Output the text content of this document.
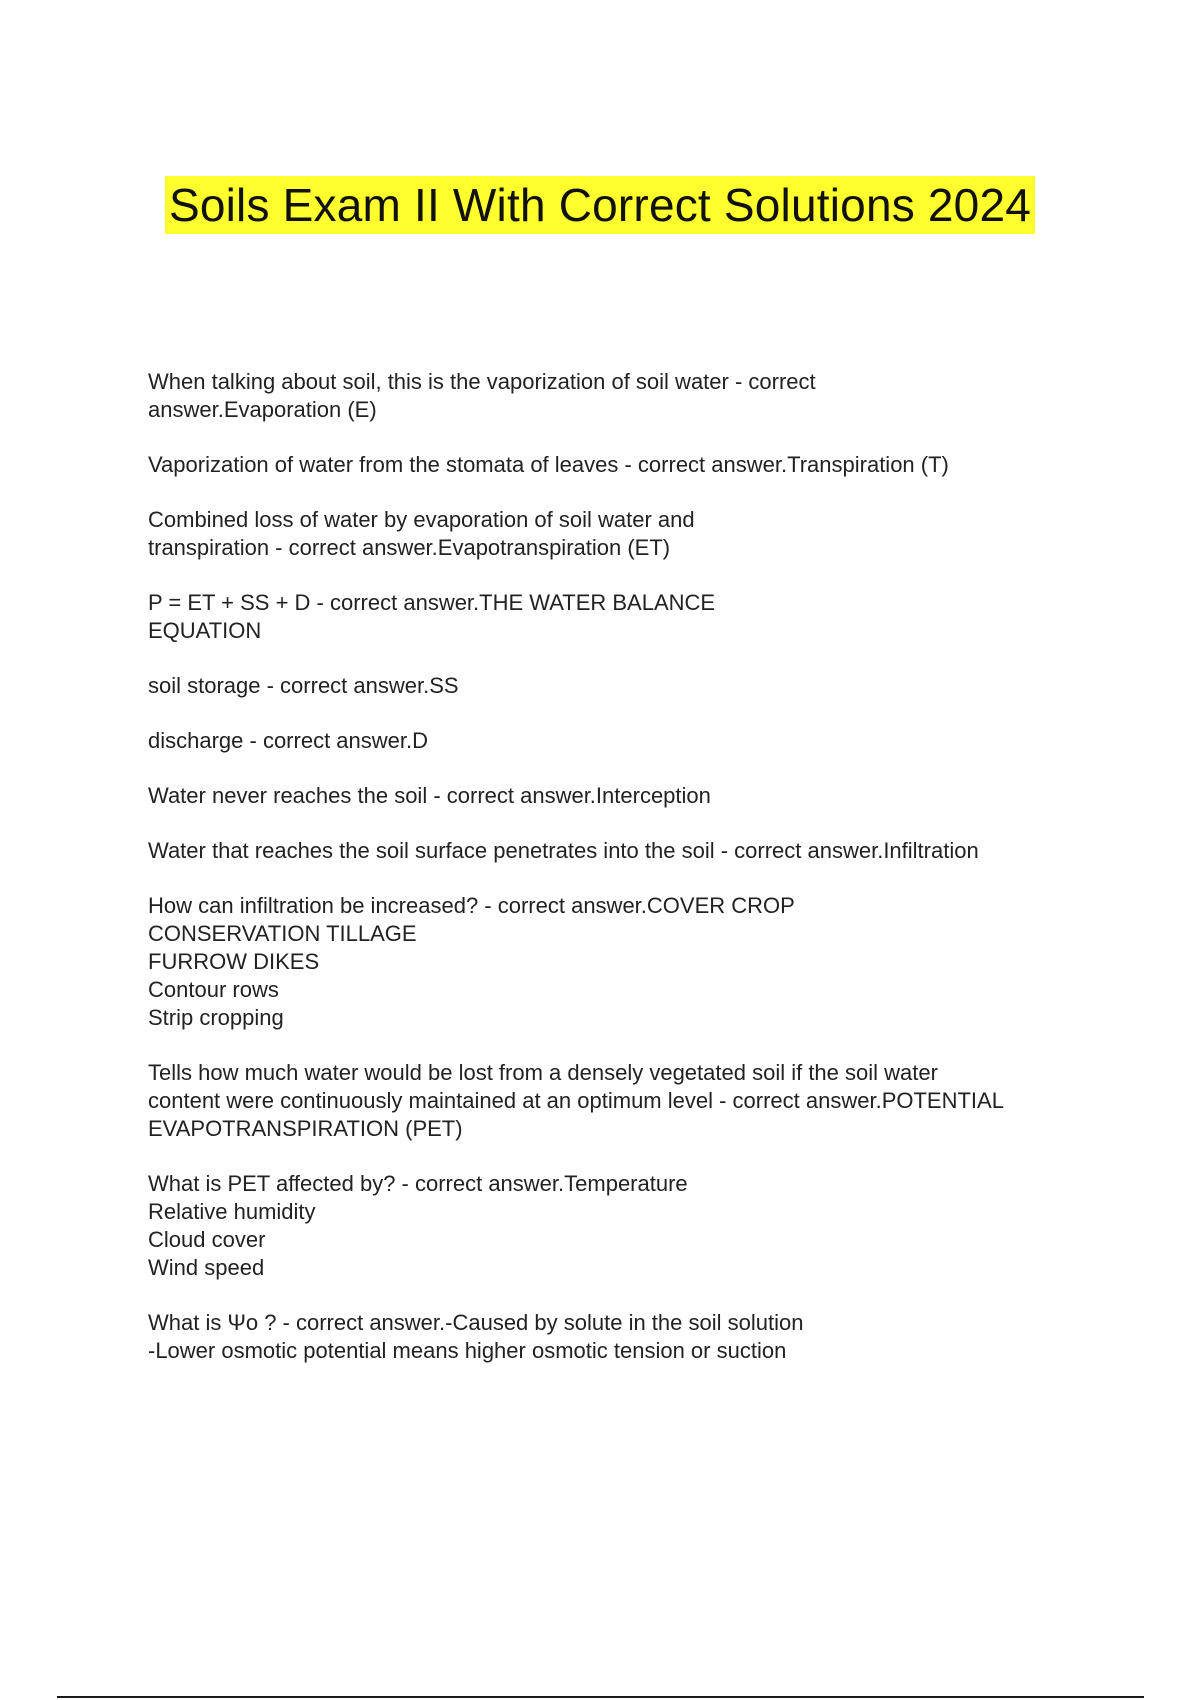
Soils Exam II With Correct Solutions 2024
When talking about soil, this is the vaporization of soil water - correct
answer.Evaporation (E)
Vaporization of water from the stomata of leaves - correct answer.Transpiration (T)
Combined loss of water by evaporation of soil water and
transpiration - correct answer.Evapotranspiration (ET)
P = ET + SS + D - correct answer.THE WATER BALANCE
EQUATION
soil storage - correct answer.SS
discharge - correct answer.D
Water never reaches the soil - correct answer.Interception
Water that reaches the soil surface penetrates into the soil - correct answer.Infiltration
How can infiltration be increased? - correct answer.COVER CROP
CONSERVATION TILLAGE
FURROW DIKES
Contour rows
Strip cropping
Tells how much water would be lost from a densely vegetated soil if the soil water
content were continuously maintained at an optimum level - correct answer.POTENTIAL
EVAPOTRANSPIRATION (PET)
What is PET affected by? - correct answer.Temperature
Relative humidity
Cloud cover
Wind speed
What is Ψo ? - correct answer.-Caused by solute in the soil solution
-Lower osmotic potential means higher osmotic tension or suction
